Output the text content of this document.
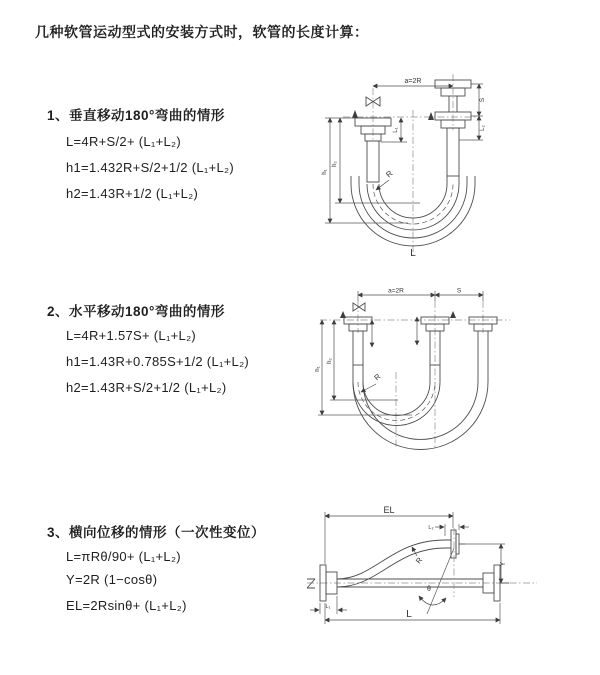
几种软管运动型式的安装方式时，软管的长度计算：
1、垂直移动180°弯曲的情形
L=4R+S/2+ (L₁+L₂)
h1=1.432R+S/2+1/2 (L₁+L₂)
h2=1.43R+1/2 (L₁+L₂)
2、水平移动180°弯曲的情形
L=4R+1.57S+ (L₁+L₂)
h1=1.43R+0.785S+1/2 (L₁+L₂)
h2=1.43R+S/2+1/2 (L₁+L₂)
3、横向位移的情形（一次性变位）
L=πRθ/90+ (L₁+L₂)
Y=2R (1−cosθ)
EL=2Rsinθ+ (L₁+L₂)
a=2R
S
L₂
h₁
h₂
L₁
R
L
a=2R	S
h₁
h₂
R
EL
L₂
Y
L
L₁
θ
R
